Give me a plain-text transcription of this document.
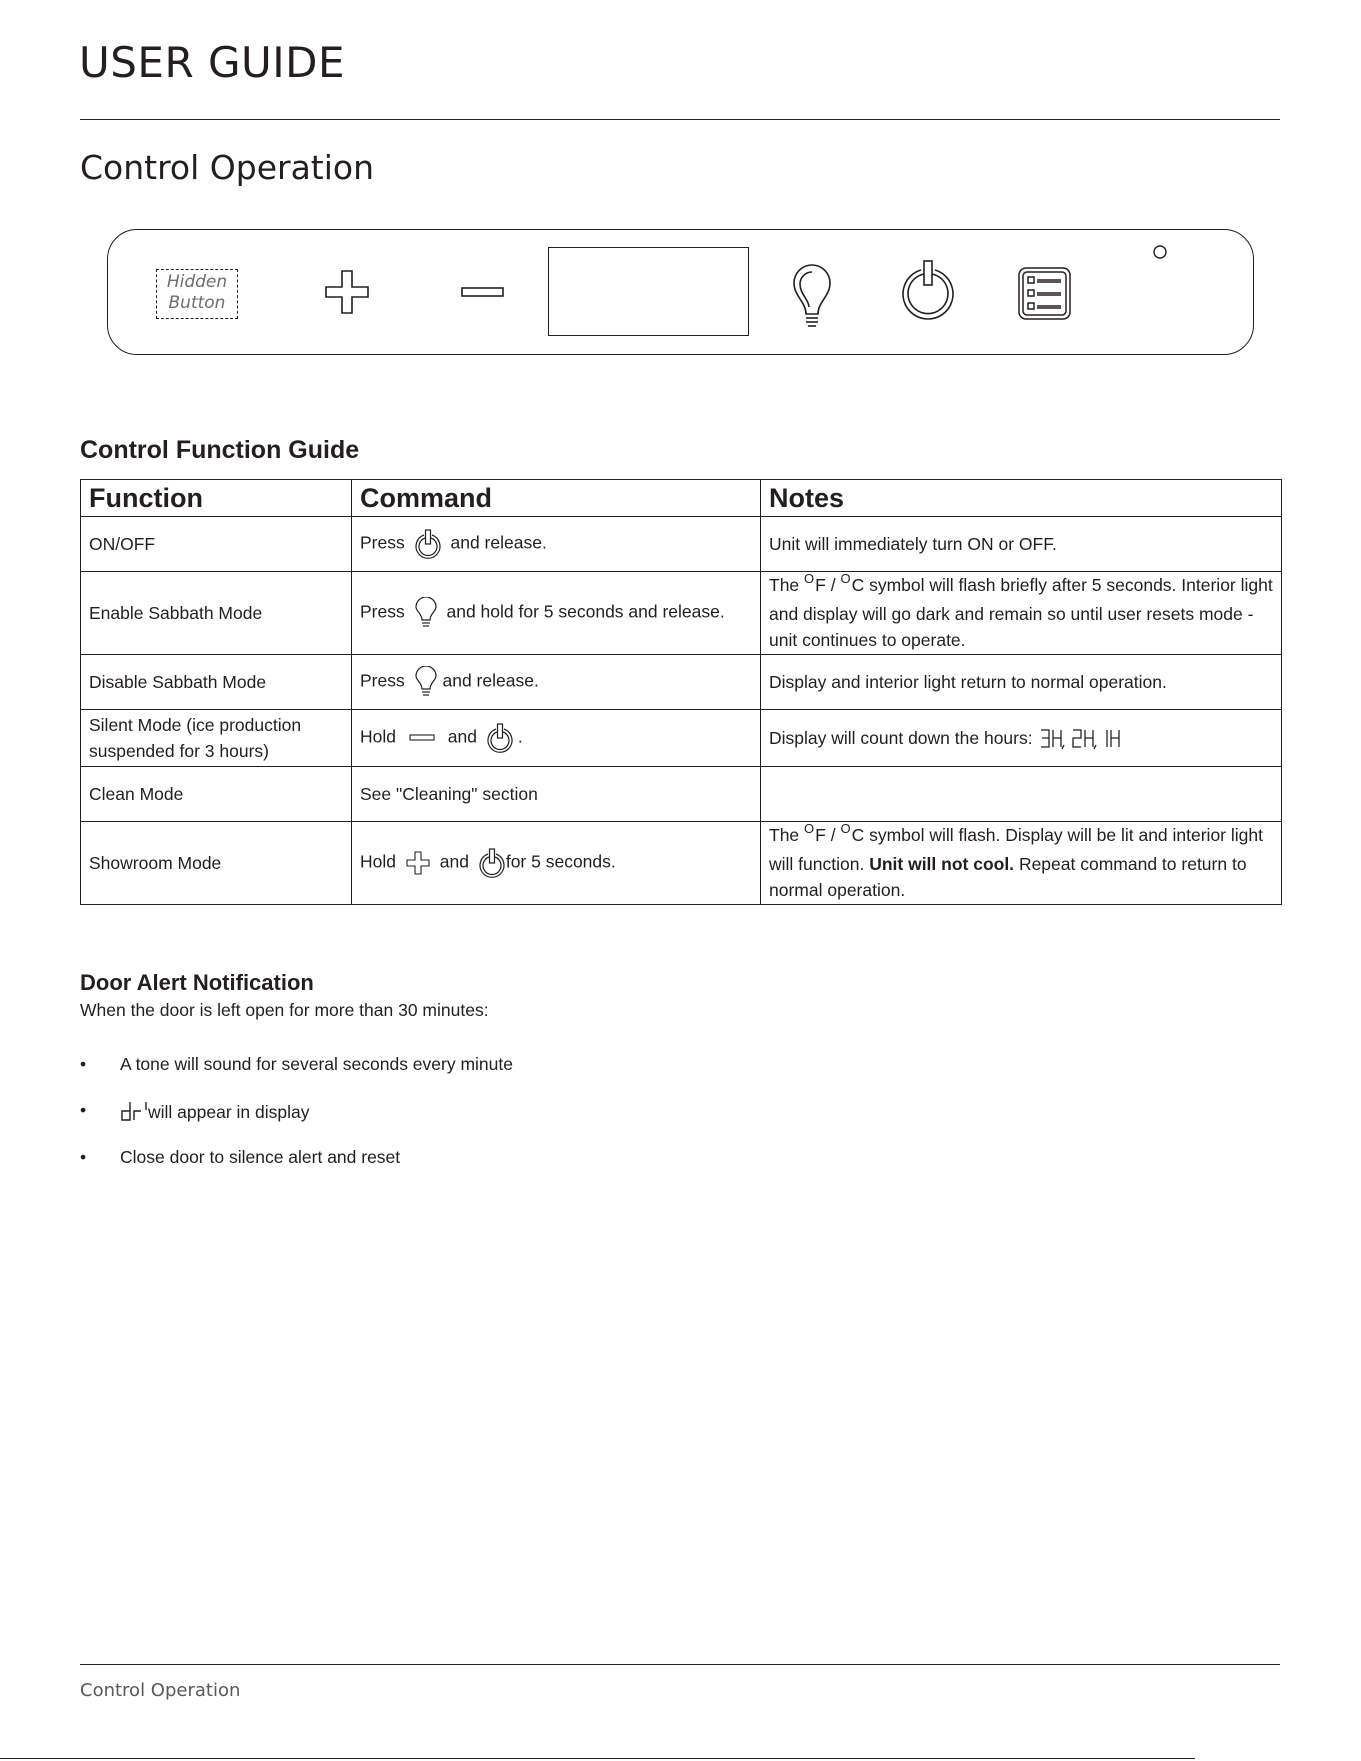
USER GUIDE
Control Operation
Hidden
Button
Control Function Guide
Function	Command	Notes
ON/OFF	Press and release.	Unit will immediately turn ON or OFF.
Enable Sabbath Mode	Press and hold for 5 seconds and release.	The $^O$F / $^O$C symbol will flash briefly after 5 seconds. Interior light and display will go dark and remain so until user resets mode - unit continues to operate.
Disable Sabbath Mode	Press and release.	Display and interior light return to normal operation.
Silent Mode (ice production suspended for 3 hours)	Hold and .	Display will count down the hours:
Clean Mode	See "Cleaning" section	
Showroom Mode	Hold and for 5 seconds.	The $^O$F / $^O$C symbol will flash. Display will be lit and interior light will function. Unit will not cool. Repeat command to return to normal operation.
Door Alert Notification
When the door is left open for more than 30 minutes:
• A tone will sound for several seconds every minute
•	will appear in display
• Close door to silence alert and reset
Control Operation
